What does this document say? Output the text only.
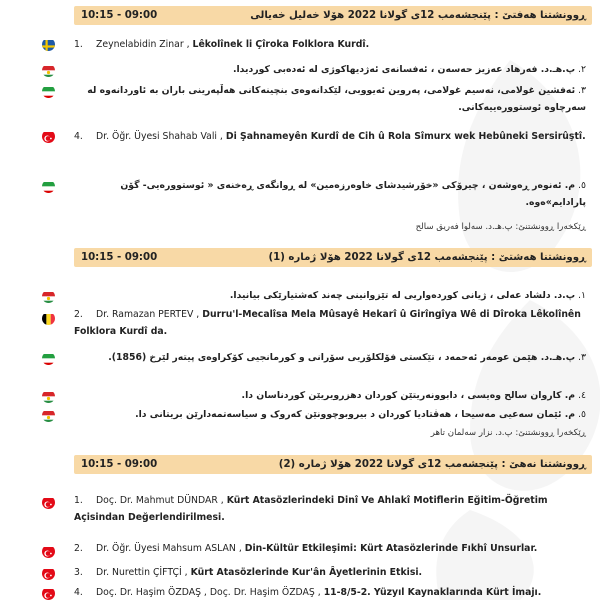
10:15 - 09:00	ڕوونشتنا هەفتێ : پێنجشەمب 12ی گولانا 2022 هۆلا خەلیل خەیالی
1. Zeynelabidin Zinar , Lêkolînek li Çîroka Folklora Kurdî.
٢. پ.هـ.د. فەرهاد عەزیز حەسەن ، ئەفسانەی ئەژدیهاکوژی لە ئەدەبی کوردیدا.
٣. ئەفشین غولامی، نەسیم غولامی، پەروین ئەیووبی، لێکدانەوەی بنچینەکانی هەڵپەرینی باران بە ئاوردانەوە لە سەرچاوە ئوستوورەییەکانی.
4. Dr. Öğr. Üyesi Shahab Vali , Di Şahnameyên Kurdî de Cih û Rola Sîmurx wek Hebûneki Sersirûştî.
٥. م. ئەنوەر ڕەوشەن ، چیرۆکی «خۆرشیدشای خاوەرزەمین» لە ڕوانگەی ڕەخنەی « ئوستوورەیی- گۆن پارادایم»ەوە.
ڕێکخەرا ڕوونشتنێ: پ.هـ.د. سەلوا فەریق سالح
10:15 - 09:00	ڕوونشتنا هەشتێ : پێنجشەمب 12ی گولانا 2022 هۆلا ژمارە (1)
١. پ.د. دلشاد عەلی ، ژیانی کوردەواریی لە تێزوانینی چەند کەشتیارێکی بیانیدا.
2. Dr. Ramazan PERTEV , Durru'l-Mecalîsa Mela Mûsayê Hekarî û Girîngîya Wê di Dîroka Lêkolînên Folklora Kurdî da.
٣. پ.هـ.د. هێمن عومەر ئەحمەد ، تێکستی فۆلکلۆریی سۆرانی و کورمانجیی کۆکراوەی پیتەر لێرخ (1856).
٤. م. کاروان سالح وەیسی ، دابوونەریتێن کوردان دهزرویریێن کوردناسان دا.
٥. م. ئێمان سەعیی مەسیحا ، هەڤتادیا کوردان د بیروبوچوونێن کەروک و سیاسەتمەدارێن بریتانی دا.
ڕێکخەرا ڕوونشتنێ: پ.د. نزار سەلمان تاهر
10:15 - 09:00	ڕوونشتنا نەهێ : پێنجشەمب 12ی گولانا 2022 هۆلا ژمارە (2)
1. Doç. Dr. Mahmut DÜNDAR , Kürt Atasözlerindeki Dinî Ve Ahlakî Motiflerin Eğitim-Öğretim Açisindan Değerlendirilmesi.
2. Dr. Öğr. Üyesi Mahsum ASLAN , Din-Kültür Etkileşimi: Kürt Atasözlerinde Fıkhî Unsurlar.
3. Dr. Nurettin ÇİFTÇİ , Kürt Atasözlerinde Kur'ân Âyetlerinin Etkisi.
4. Doç. Dr. Haşim ÖZDAŞ , Doç. Dr. Haşim ÖZDAŞ , 11-8/5-2. Yüzyıl Kaynaklarında Kürt İmajı.
